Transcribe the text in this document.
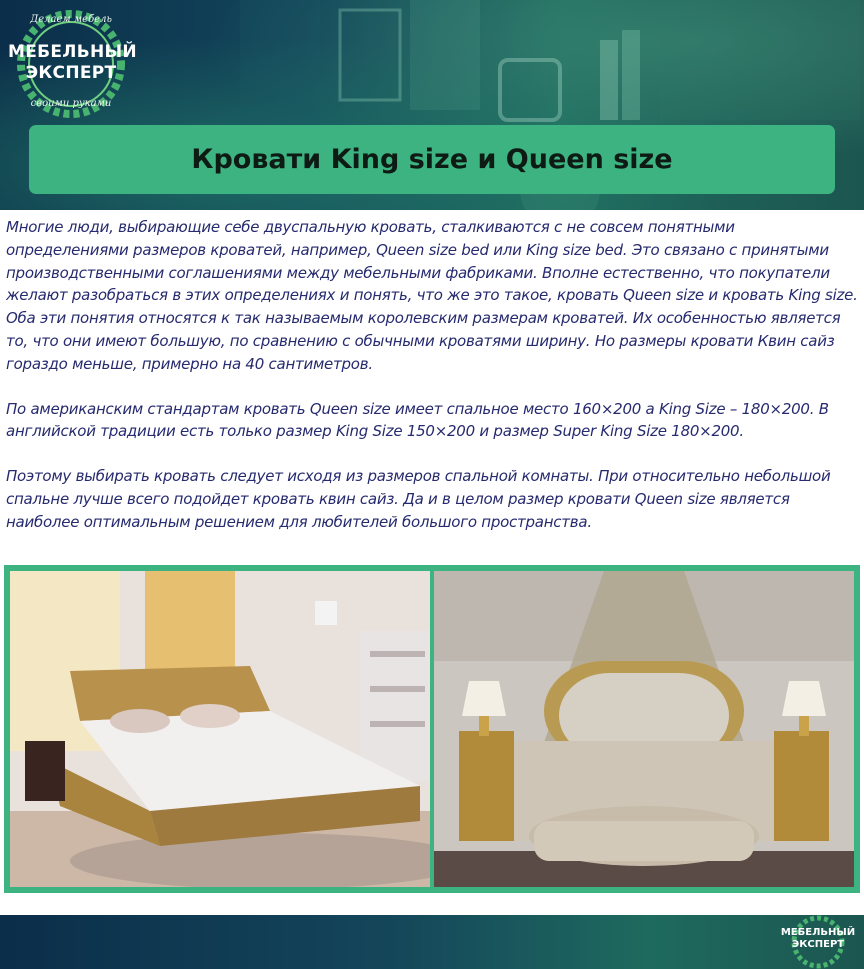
Делаем мебель
МЕБЕЛЬНЫЙ
ЭКСПЕРТ
своими руками
Кровати King size и Queen size

Многие люди, выбирающие себе двуспальную кровать, сталкиваются с не совсем понятными определениями размеров кроватей, например, Queen size bed или King size bed. Это связано с принятыми производственными соглашениями между мебельными фабриками. Вполне естественно, что покупатели желают разобраться в этих определениях и понять, что же это такое, кровать Queen size и кровать King size. Оба эти понятия относятся к так называемым королевским размерам кроватей. Их особенностью является то, что они имеют большую, по сравнению с обычными кроватями ширину. Но размеры кровати Квин сайз гораздо меньше, примерно на 40 сантиметров.

По американским стандартам кровать Queen size имеет спальное место 160×200 а King Size – 180×200. В английской традиции есть только размер King Size 150×200 и размер Super King Size 180×200.

Поэтому выбирать кровать следует исходя из размеров спальной комнаты. При относительно небольшой спальне лучше всего подойдет кровать квин сайз. Да и в целом размер кровати Queen size является наиболее оптимальным решением для любителей большого пространства.

МЕБЕЛЬНЫЙ
ЭКСПЕРТ
